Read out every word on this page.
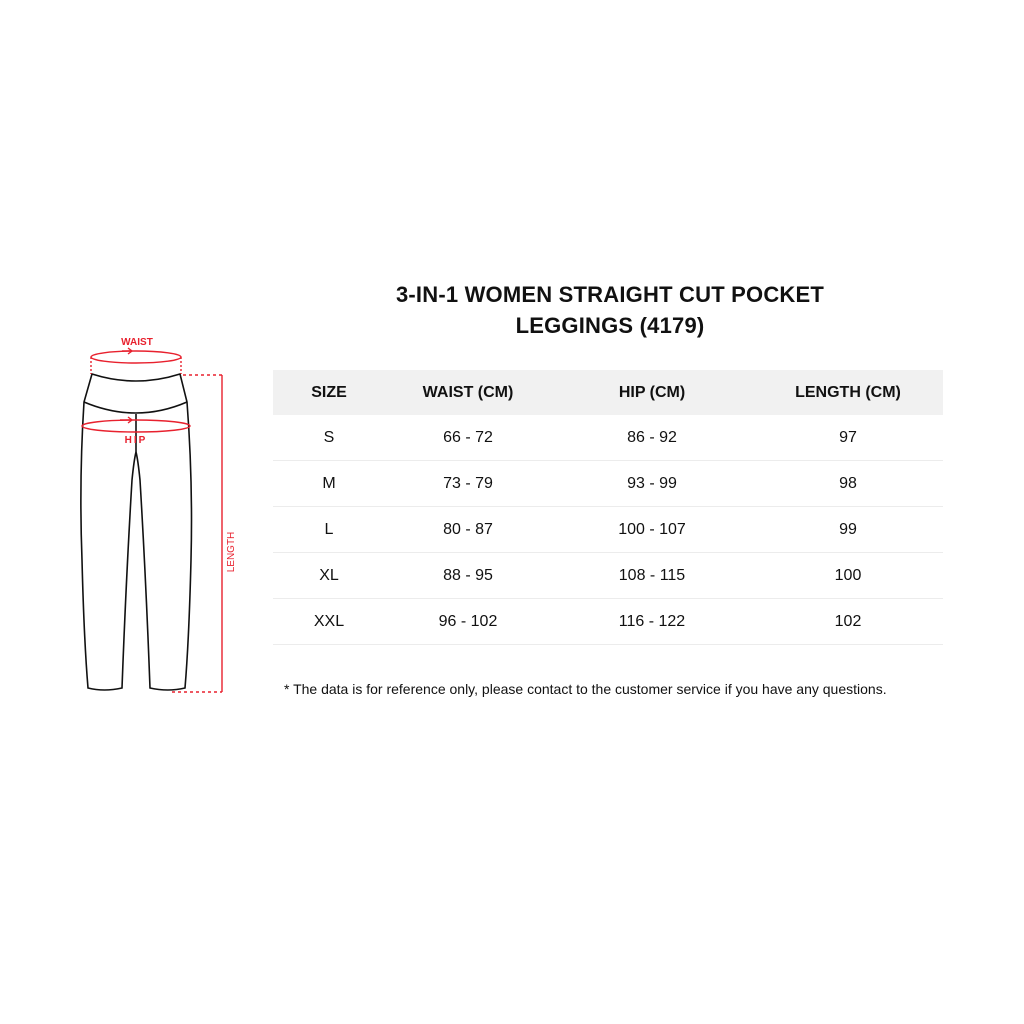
WAIST
HIP
LENGTH
3-IN-1 WOMEN STRAIGHT CUT POCKET
LEGGINGS (4179)
SIZE	WAIST (CM)	HIP (CM)	LENGTH (CM)
S	66 - 72	86 - 92	97
M	73 - 79	93 - 99	98
L	80 - 87	100 - 107	99
XL	88 - 95	108 - 115	100
XXL	96 - 102	116 - 122	102
* The data is for reference only, please contact to the customer service if you have any questions.
